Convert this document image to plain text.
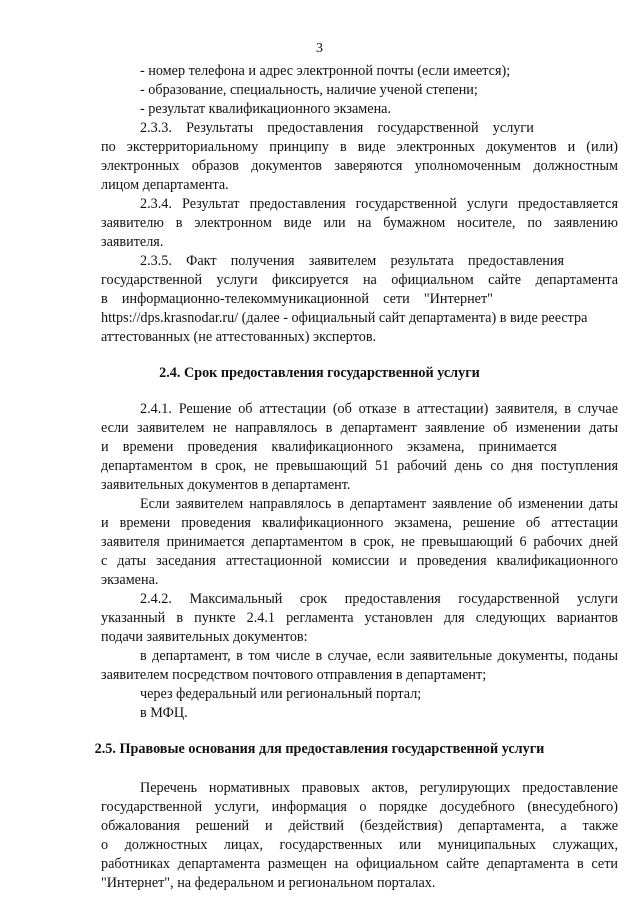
3
- номер телефона и адрес электронной почты (если имеется);
- образование, специальность, наличие ученой степени;
- результат квалификационного экзамена.
2.3.3.    Результаты    предоставления    государственной    услуги
по экстерриториальному принципу в виде электронных документов и (или)
электронных образов документов заверяются уполномоченным должностным
лицом департамента.
2.3.4. Результат предоставления государственной услуги предоставляется
заявителю в электронном виде или на бумажном носителе, по заявлению
заявителя.
2.3.5.    Факт    получения    заявителем    результата    предоставления
государственной услуги фиксируется на официальном сайте департамента
в    информационно-телекоммуникационной    сети    "Интернет"
https://dps.krasnodar.ru/ (далее - официальный сайт департамента) в виде реестра
аттестованных (не аттестованных) экспертов.
2.4. Срок предоставления государственной услуги
2.4.1. Решение об аттестации (об отказе в аттестации) заявителя, в случае
если заявителем не направлялось в департамент заявление об изменении даты
и    времени    проведения    квалификационного    экзамена,    принимается
департаментом в срок, не превышающий 51 рабочий день со дня поступления
заявительных документов в департамент.
Если заявителем направлялось в департамент заявление об изменении даты
и времени проведения квалификационного экзамена, решение об аттестации
заявителя принимается департаментом в срок, не превышающий 6 рабочих дней
с даты заседания аттестационной комиссии и проведения квалификационного
экзамена.
2.4.2. Максимальный срок предоставления государственной услуги
указанный в пункте 2.4.1 регламента установлен для следующих вариантов
подачи заявительных документов:
в департамент, в том числе в случае, если заявительные документы, поданы
заявителем посредством почтового отправления в департамент;
через федеральный или региональный портал;
в МФЦ.
2.5. Правовые основания для предоставления государственной услуги
Перечень нормативных правовых актов, регулирующих предоставление
государственной услуги, информация о порядке досудебного (внесудебного)
обжалования решений и действий (бездействия) департамента, а также
о должностных лицах, государственных или муниципальных служащих,
работниках департамента размещен на официальном сайте департамента в сети
"Интернет", на федеральном и региональном порталах.
